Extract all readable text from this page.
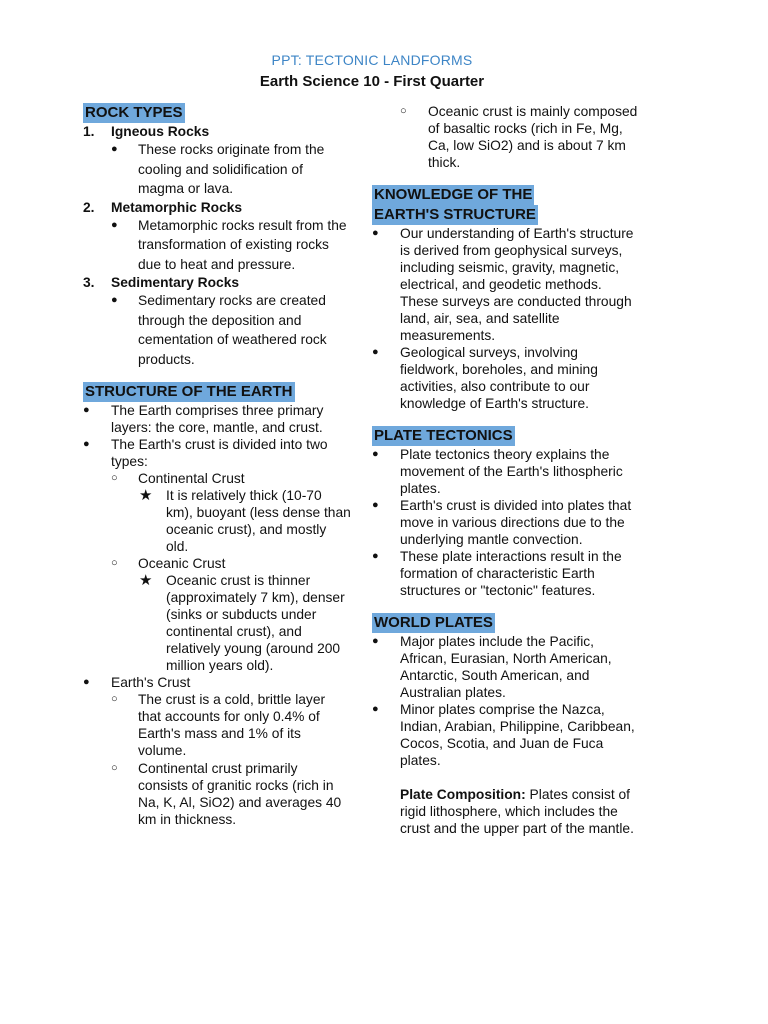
PPT: TECTONIC LANDFORMS
Earth Science 10 - First Quarter
ROCK TYPES
1. Igneous Rocks
● These rocks originate from the cooling and solidification of magma or lava.
2. Metamorphic Rocks
● Metamorphic rocks result from the transformation of existing rocks due to heat and pressure.
3. Sedimentary Rocks
● Sedimentary rocks are created through the deposition and cementation of weathered rock products.
STRUCTURE OF THE EARTH
● The Earth comprises three primary layers: the core, mantle, and crust.
● The Earth's crust is divided into two types:
○ Continental Crust
★ It is relatively thick (10-70 km), buoyant (less dense than oceanic crust), and mostly old.
○ Oceanic Crust
★ Oceanic crust is thinner (approximately 7 km), denser (sinks or subducts under continental crust), and relatively young (around 200 million years old).
● Earth's Crust
○ The crust is a cold, brittle layer that accounts for only 0.4% of Earth's mass and 1% of its volume.
○ Continental crust primarily consists of granitic rocks (rich in Na, K, Al, SiO2) and averages 40 km in thickness.
○ Oceanic crust is mainly composed of basaltic rocks (rich in Fe, Mg, Ca, low SiO2) and is about 7 km thick.
KNOWLEDGE OF THE
EARTH'S STRUCTURE
● Our understanding of Earth's structure is derived from geophysical surveys, including seismic, gravity, magnetic, electrical, and geodetic methods. These surveys are conducted through land, air, sea, and satellite measurements.
● Geological surveys, involving fieldwork, boreholes, and mining activities, also contribute to our knowledge of Earth's structure.
PLATE TECTONICS
● Plate tectonics theory explains the movement of the Earth's lithospheric plates.
● Earth's crust is divided into plates that move in various directions due to the underlying mantle convection.
● These plate interactions result in the formation of characteristic Earth structures or "tectonic" features.
WORLD PLATES
● Major plates include the Pacific, African, Eurasian, North American, Antarctic, South American, and Australian plates.
● Minor plates comprise the Nazca, Indian, Arabian, Philippine, Caribbean, Cocos, Scotia, and Juan de Fuca plates.
Plate Composition: Plates consist of rigid lithosphere, which includes the crust and the upper part of the mantle.
